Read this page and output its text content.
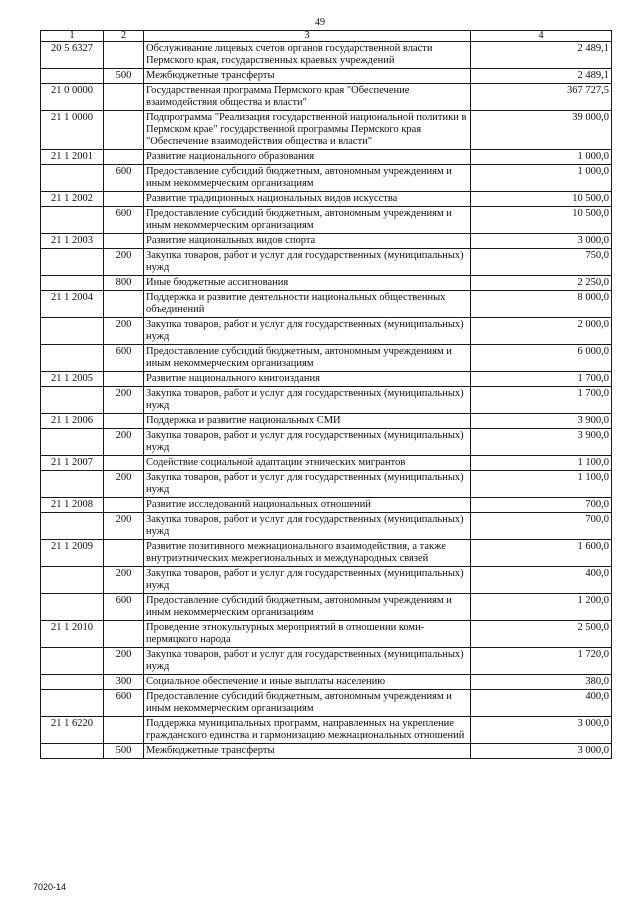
49
1	2	3	4
20 5 6327		Обслуживание лицевых счетов органов государственной власти Пермского края, государственных краевых учреждений	2 489,1
	500	Межбюджетные трансферты	2 489,1
21 0 0000		Государственная программа Пермского края "Обеспечение взаимодействия общества и власти"	367 727,5
21 1 0000		Подпрограмма "Реализация государственной национальной политики в Пермском крае" государственной программы Пермского края "Обеспечение взаимодействия общества и власти"	39 000,0
21 1 2001		Развитие национального образования	1 000,0
	600	Предоставление субсидий бюджетным, автономным учреждениям и иным некоммерческим организациям	1 000,0
21 1 2002		Развитие традиционных национальных видов искусства	10 500,0
	600	Предоставление субсидий бюджетным, автономным учреждениям и иным некоммерческим организациям	10 500,0
21 1 2003		Развитие национальных видов спорта	3 000,0
	200	Закупка товаров, работ и услуг для государственных (муниципальных) нужд	750,0
	800	Иные бюджетные ассигнования	2 250,0
21 1 2004		Поддержка и развитие деятельности национальных общественных объединений	8 000,0
	200	Закупка товаров, работ и услуг для государственных (муниципальных) нужд	2 000,0
	600	Предоставление субсидий бюджетным, автономным учреждениям и иным некоммерческим организациям	6 000,0
21 1 2005		Развитие национального книгоиздания	1 700,0
	200	Закупка товаров, работ и услуг для государственных (муниципальных) нужд	1 700,0
21 1 2006		Поддержка и развитие национальных СМИ	3 900,0
	200	Закупка товаров, работ и услуг для государственных (муниципальных) нужд	3 900,0
21 1 2007		Содействие социальной адаптации этнических мигрантов	1 100,0
	200	Закупка товаров, работ и услуг для государственных (муниципальных) нужд	1 100,0
21 1 2008		Развитие исследований национальных отношений	700,0
	200	Закупка товаров, работ и услуг для государственных (муниципальных) нужд	700,0
21 1 2009		Развитие позитивного межнационального взаимодействия, а также внутриэтнических межрегиональных и международных связей	1 600,0
	200	Закупка товаров, работ и услуг для государственных (муниципальных) нужд	400,0
	600	Предоставление субсидий бюджетным, автономным учреждениям и иным некоммерческим организациям	1 200,0
21 1 2010		Проведение этнокультурных мероприятий в отношении коми-пермяцкого народа	2 500,0
	200	Закупка товаров, работ и услуг для государственных (муниципальных) нужд	1 720,0
	300	Социальное обеспечение и иные выплаты населению	380,0
	600	Предоставление субсидий бюджетным, автономным учреждениям и иным некоммерческим организациям	400,0
21 1 6220		Поддержка муниципальных программ, направленных на укрепление гражданского единства и гармонизацию межнациональных отношений	3 000,0
	500	Межбюджетные трансферты	3 000,0
7020-14
